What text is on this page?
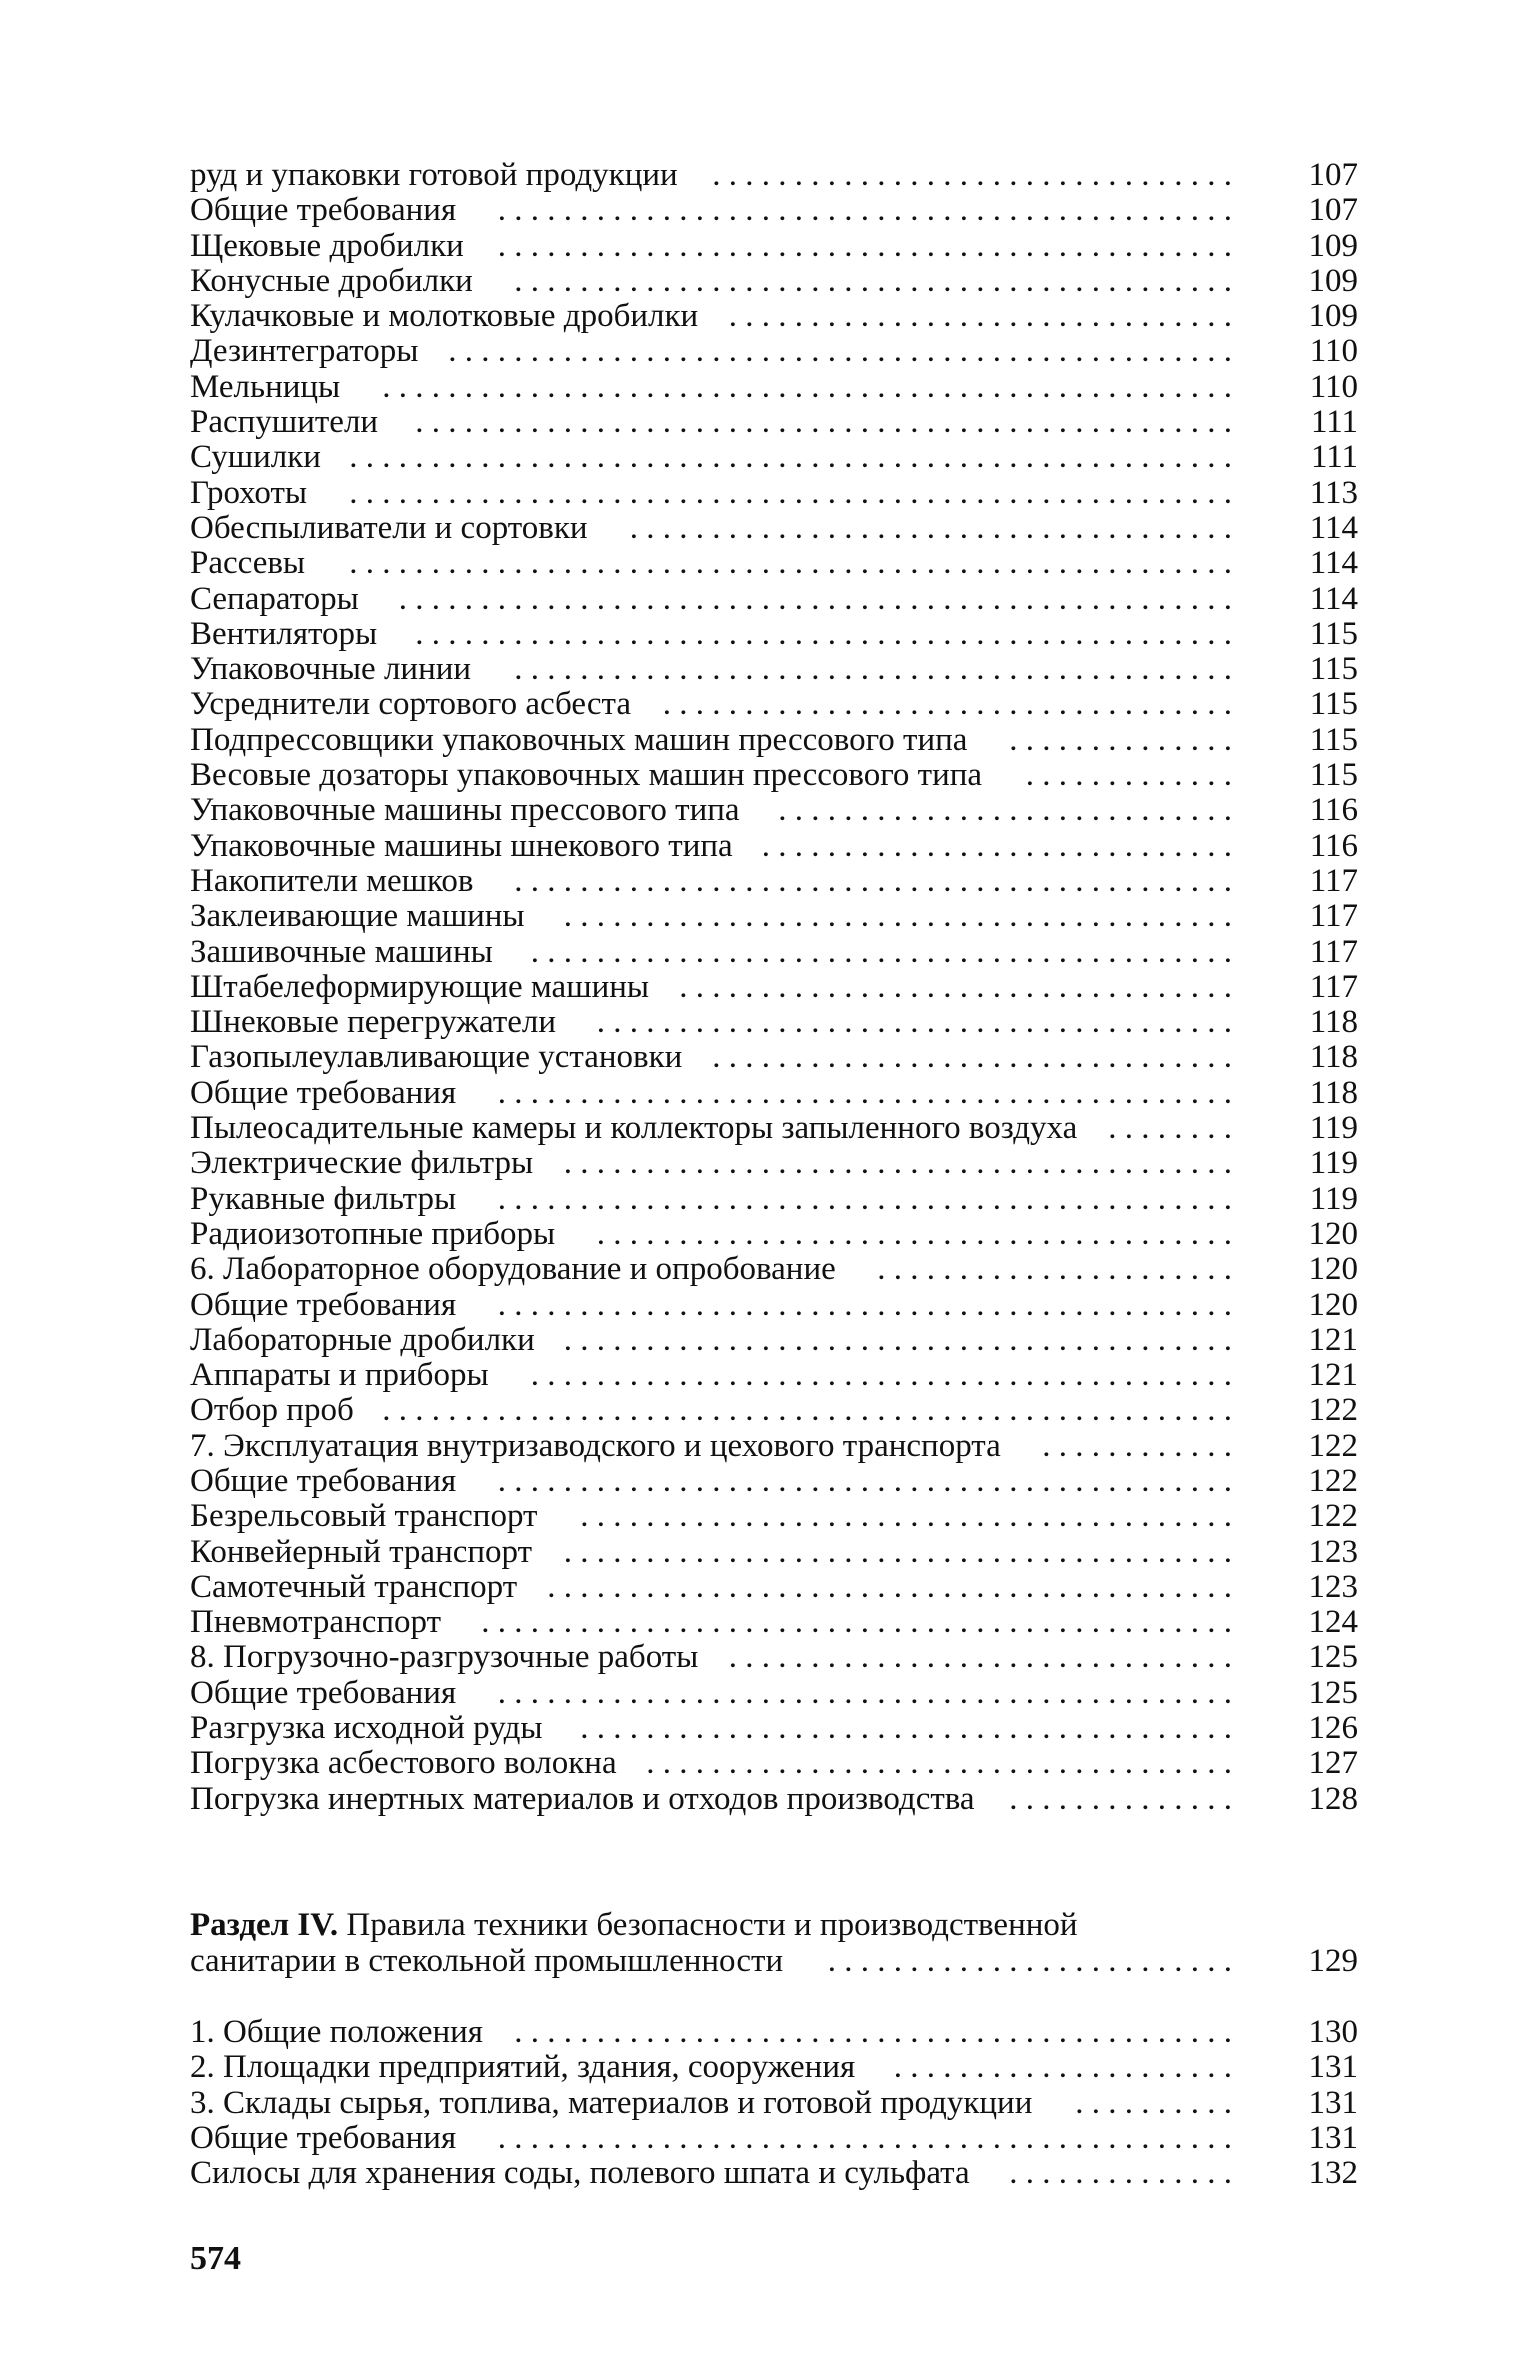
руд и упаковки готовой продукции . . . . . . . . . . . . . . . . . . . . . . . . . . . . . . . .	107
Общие требования . . . . . . . . . . . . . . . . . . . . . . . . . . . . . . . . . . . . . . . . . . . . .	107
Щековые дробилки . . . . . . . . . . . . . . . . . . . . . . . . . . . . . . . . . . . . . . . . . . . . .	109
Конусные дробилки . . . . . . . . . . . . . . . . . . . . . . . . . . . . . . . . . . . . . . . . . . . .	109
Кулачковые и молотковые дробилки . . . . . . . . . . . . . . . . . . . . . . . . . . . . . . .	109
Дезинтеграторы . . . . . . . . . . . . . . . . . . . . . . . . . . . . . . . . . . . . . . . . . . . . . . . .	110
Мельницы . . . . . . . . . . . . . . . . . . . . . . . . . . . . . . . . . . . . . . . . . . . . . . . . . . . .	110
Распушители . . . . . . . . . . . . . . . . . . . . . . . . . . . . . . . . . . . . . . . . . . . . . . . . . .	111
Сушилки . . . . . . . . . . . . . . . . . . . . . . . . . . . . . . . . . . . . . . . . . . . . . . . . . . . . . .	111
Грохоты . . . . . . . . . . . . . . . . . . . . . . . . . . . . . . . . . . . . . . . . . . . . . . . . . . . . . .	113
Обеспыливатели и сортовки . . . . . . . . . . . . . . . . . . . . . . . . . . . . . . . . . . . . .	114
Рассевы . . . . . . . . . . . . . . . . . . . . . . . . . . . . . . . . . . . . . . . . . . . . . . . . . . . . . .	114
Сепараторы . . . . . . . . . . . . . . . . . . . . . . . . . . . . . . . . . . . . . . . . . . . . . . . . . . .	114
Вентиляторы . . . . . . . . . . . . . . . . . . . . . . . . . . . . . . . . . . . . . . . . . . . . . . . . . .	115
Упаковочные линии . . . . . . . . . . . . . . . . . . . . . . . . . . . . . . . . . . . . . . . . . . . .	115
Усреднители сортового асбеста . . . . . . . . . . . . . . . . . . . . . . . . . . . . . . . . . . .	115
Подпрессовщики упаковочных машин прессового типа . . . . . . . . . . . . . .	115
Весовые дозаторы упаковочных машин прессового типа . . . . . . . . . . . . .	115
Упаковочные машины прессового типа . . . . . . . . . . . . . . . . . . . . . . . . . . . .	116
Упаковочные машины шнекового типа . . . . . . . . . . . . . . . . . . . . . . . . . . . . .	116
Накопители мешков . . . . . . . . . . . . . . . . . . . . . . . . . . . . . . . . . . . . . . . . . . . .	117
Заклеивающие машины . . . . . . . . . . . . . . . . . . . . . . . . . . . . . . . . . . . . . . . . .	117
Зашивочные машины . . . . . . . . . . . . . . . . . . . . . . . . . . . . . . . . . . . . . . . . . . .	117
Штабелеформирующие машины . . . . . . . . . . . . . . . . . . . . . . . . . . . . . . . . . .	117
Шнековые перегружатели . . . . . . . . . . . . . . . . . . . . . . . . . . . . . . . . . . . . . . .	118
Газопылеулавливающие установки . . . . . . . . . . . . . . . . . . . . . . . . . . . . . . . .	118
Общие требования . . . . . . . . . . . . . . . . . . . . . . . . . . . . . . . . . . . . . . . . . . . . .	118
Пылеосадительные камеры и коллекторы запыленного воздуха . . . . . . . .	119
Электрические фильтры . . . . . . . . . . . . . . . . . . . . . . . . . . . . . . . . . . . . . . . . .	119
Рукавные фильтры . . . . . . . . . . . . . . . . . . . . . . . . . . . . . . . . . . . . . . . . . . . . .	119
Радиоизотопные приборы . . . . . . . . . . . . . . . . . . . . . . . . . . . . . . . . . . . . . . .	120
6. Лабораторное оборудование и опробование . . . . . . . . . . . . . . . . . . . . . .	120
Общие требования . . . . . . . . . . . . . . . . . . . . . . . . . . . . . . . . . . . . . . . . . . . . .	120
Лабораторные дробилки . . . . . . . . . . . . . . . . . . . . . . . . . . . . . . . . . . . . . . . . .	121
Аппараты и приборы . . . . . . . . . . . . . . . . . . . . . . . . . . . . . . . . . . . . . . . . . . .	121
Отбор проб . . . . . . . . . . . . . . . . . . . . . . . . . . . . . . . . . . . . . . . . . . . . . . . . . . . .	122
7. Эксплуатация внутризаводского и цехового транспорта . . . . . . . . . . . .	122
Общие требования . . . . . . . . . . . . . . . . . . . . . . . . . . . . . . . . . . . . . . . . . . . . .	122
Безрельсовый транспорт . . . . . . . . . . . . . . . . . . . . . . . . . . . . . . . . . . . . . . . .	122
Конвейерный транспорт . . . . . . . . . . . . . . . . . . . . . . . . . . . . . . . . . . . . . . . . .	123
Самотечный транспорт . . . . . . . . . . . . . . . . . . . . . . . . . . . . . . . . . . . . . . . . . .	123
Пневмотранспорт . . . . . . . . . . . . . . . . . . . . . . . . . . . . . . . . . . . . . . . . . . . . . .	124
8. Погрузочно-разгрузочные работы . . . . . . . . . . . . . . . . . . . . . . . . . . . . . . .	125
Общие требования . . . . . . . . . . . . . . . . . . . . . . . . . . . . . . . . . . . . . . . . . . . . .	125
Разгрузка исходной руды . . . . . . . . . . . . . . . . . . . . . . . . . . . . . . . . . . . . . . . .	126
Погрузка асбестового волокна . . . . . . . . . . . . . . . . . . . . . . . . . . . . . . . . . . . .	127
Погрузка инертных материалов и отходов производства . . . . . . . . . . . . . .	128
Раздел IV. Правила техники безопасности и производственной
санитарии в стекольной промышленности . . . . . . . . . . . . . . . . . . . . . . . . .	129
1. Общие положения . . . . . . . . . . . . . . . . . . . . . . . . . . . . . . . . . . . . . . . . . . . .	130
2. Площадки предприятий, здания, сооружения . . . . . . . . . . . . . . . . . . . . .	131
3. Склады сырья, топлива, материалов и готовой продукции . . . . . . . . . .	131
Общие требования . . . . . . . . . . . . . . . . . . . . . . . . . . . . . . . . . . . . . . . . . . . . .	131
Силосы для хранения соды, полевого шпата и сульфата . . . . . . . . . . . . . .	132
574
